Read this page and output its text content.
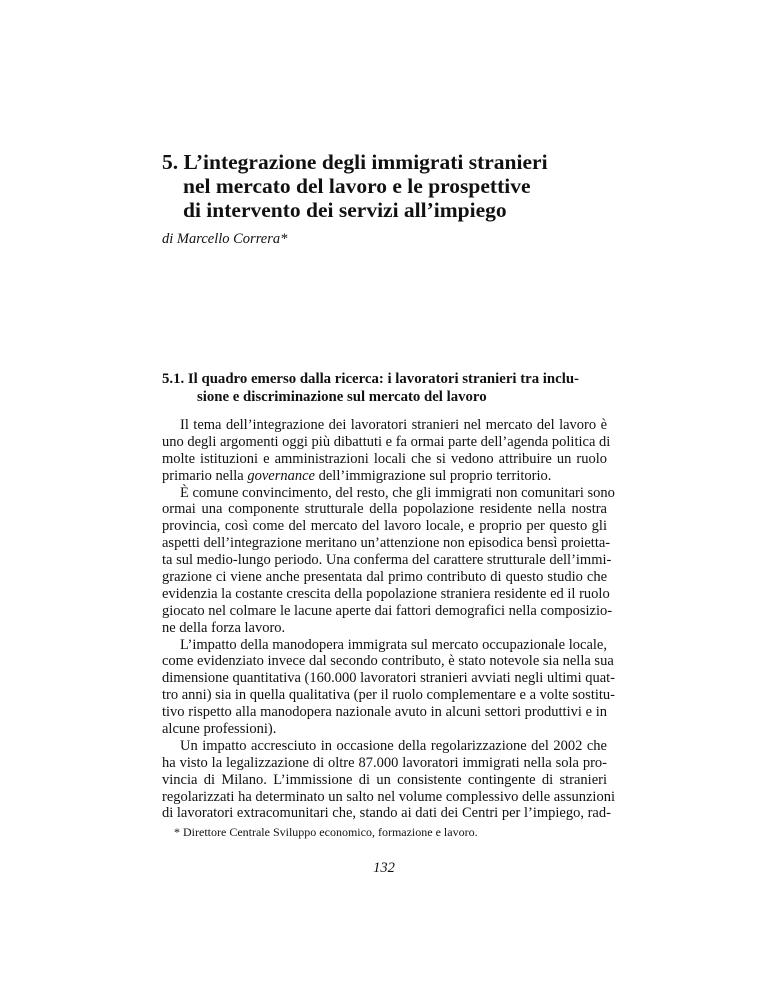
5. L’integrazione degli immigrati stranieri
nel mercato del lavoro e le prospettive
di intervento dei servizi all’impiego
di Marcello Correra*
5.1. Il quadro emerso dalla ricerca: i lavoratori stranieri tra inclu-
sione e discriminazione sul mercato del lavoro
Il tema dell’integrazione dei lavoratori stranieri nel mercato del lavoro è
uno degli argomenti oggi più dibattuti e fa ormai parte dell’agenda politica di
molte istituzioni e amministrazioni locali che si vedono attribuire un ruolo
primario nella governance dell’immigrazione sul proprio territorio.
È comune convincimento, del resto, che gli immigrati non comunitari sono
ormai una componente strutturale della popolazione residente nella nostra
provincia, così come del mercato del lavoro locale, e proprio per questo gli
aspetti dell’integrazione meritano un’attenzione non episodica bensì proietta-
ta sul medio-lungo periodo. Una conferma del carattere strutturale dell’immi-
grazione ci viene anche presentata dal primo contributo di questo studio che
evidenzia la costante crescita della popolazione straniera residente ed il ruolo
giocato nel colmare le lacune aperte dai fattori demografici nella composizio-
ne della forza lavoro.
L’impatto della manodopera immigrata sul mercato occupazionale locale,
come evidenziato invece dal secondo contributo, è stato notevole sia nella sua
dimensione quantitativa (160.000 lavoratori stranieri avviati negli ultimi quat-
tro anni) sia in quella qualitativa (per il ruolo complementare e a volte sostitu-
tivo rispetto alla manodopera nazionale avuto in alcuni settori produttivi e in
alcune professioni).
Un impatto accresciuto in occasione della regolarizzazione del 2002 che
ha visto la legalizzazione di oltre 87.000 lavoratori immigrati nella sola pro-
vincia di Milano. L’immissione di un consistente contingente di stranieri
regolarizzati ha determinato un salto nel volume complessivo delle assunzioni
di lavoratori extracomunitari che, stando ai dati dei Centri per l’impiego, rad-
* Direttore Centrale Sviluppo economico, formazione e lavoro.
132
